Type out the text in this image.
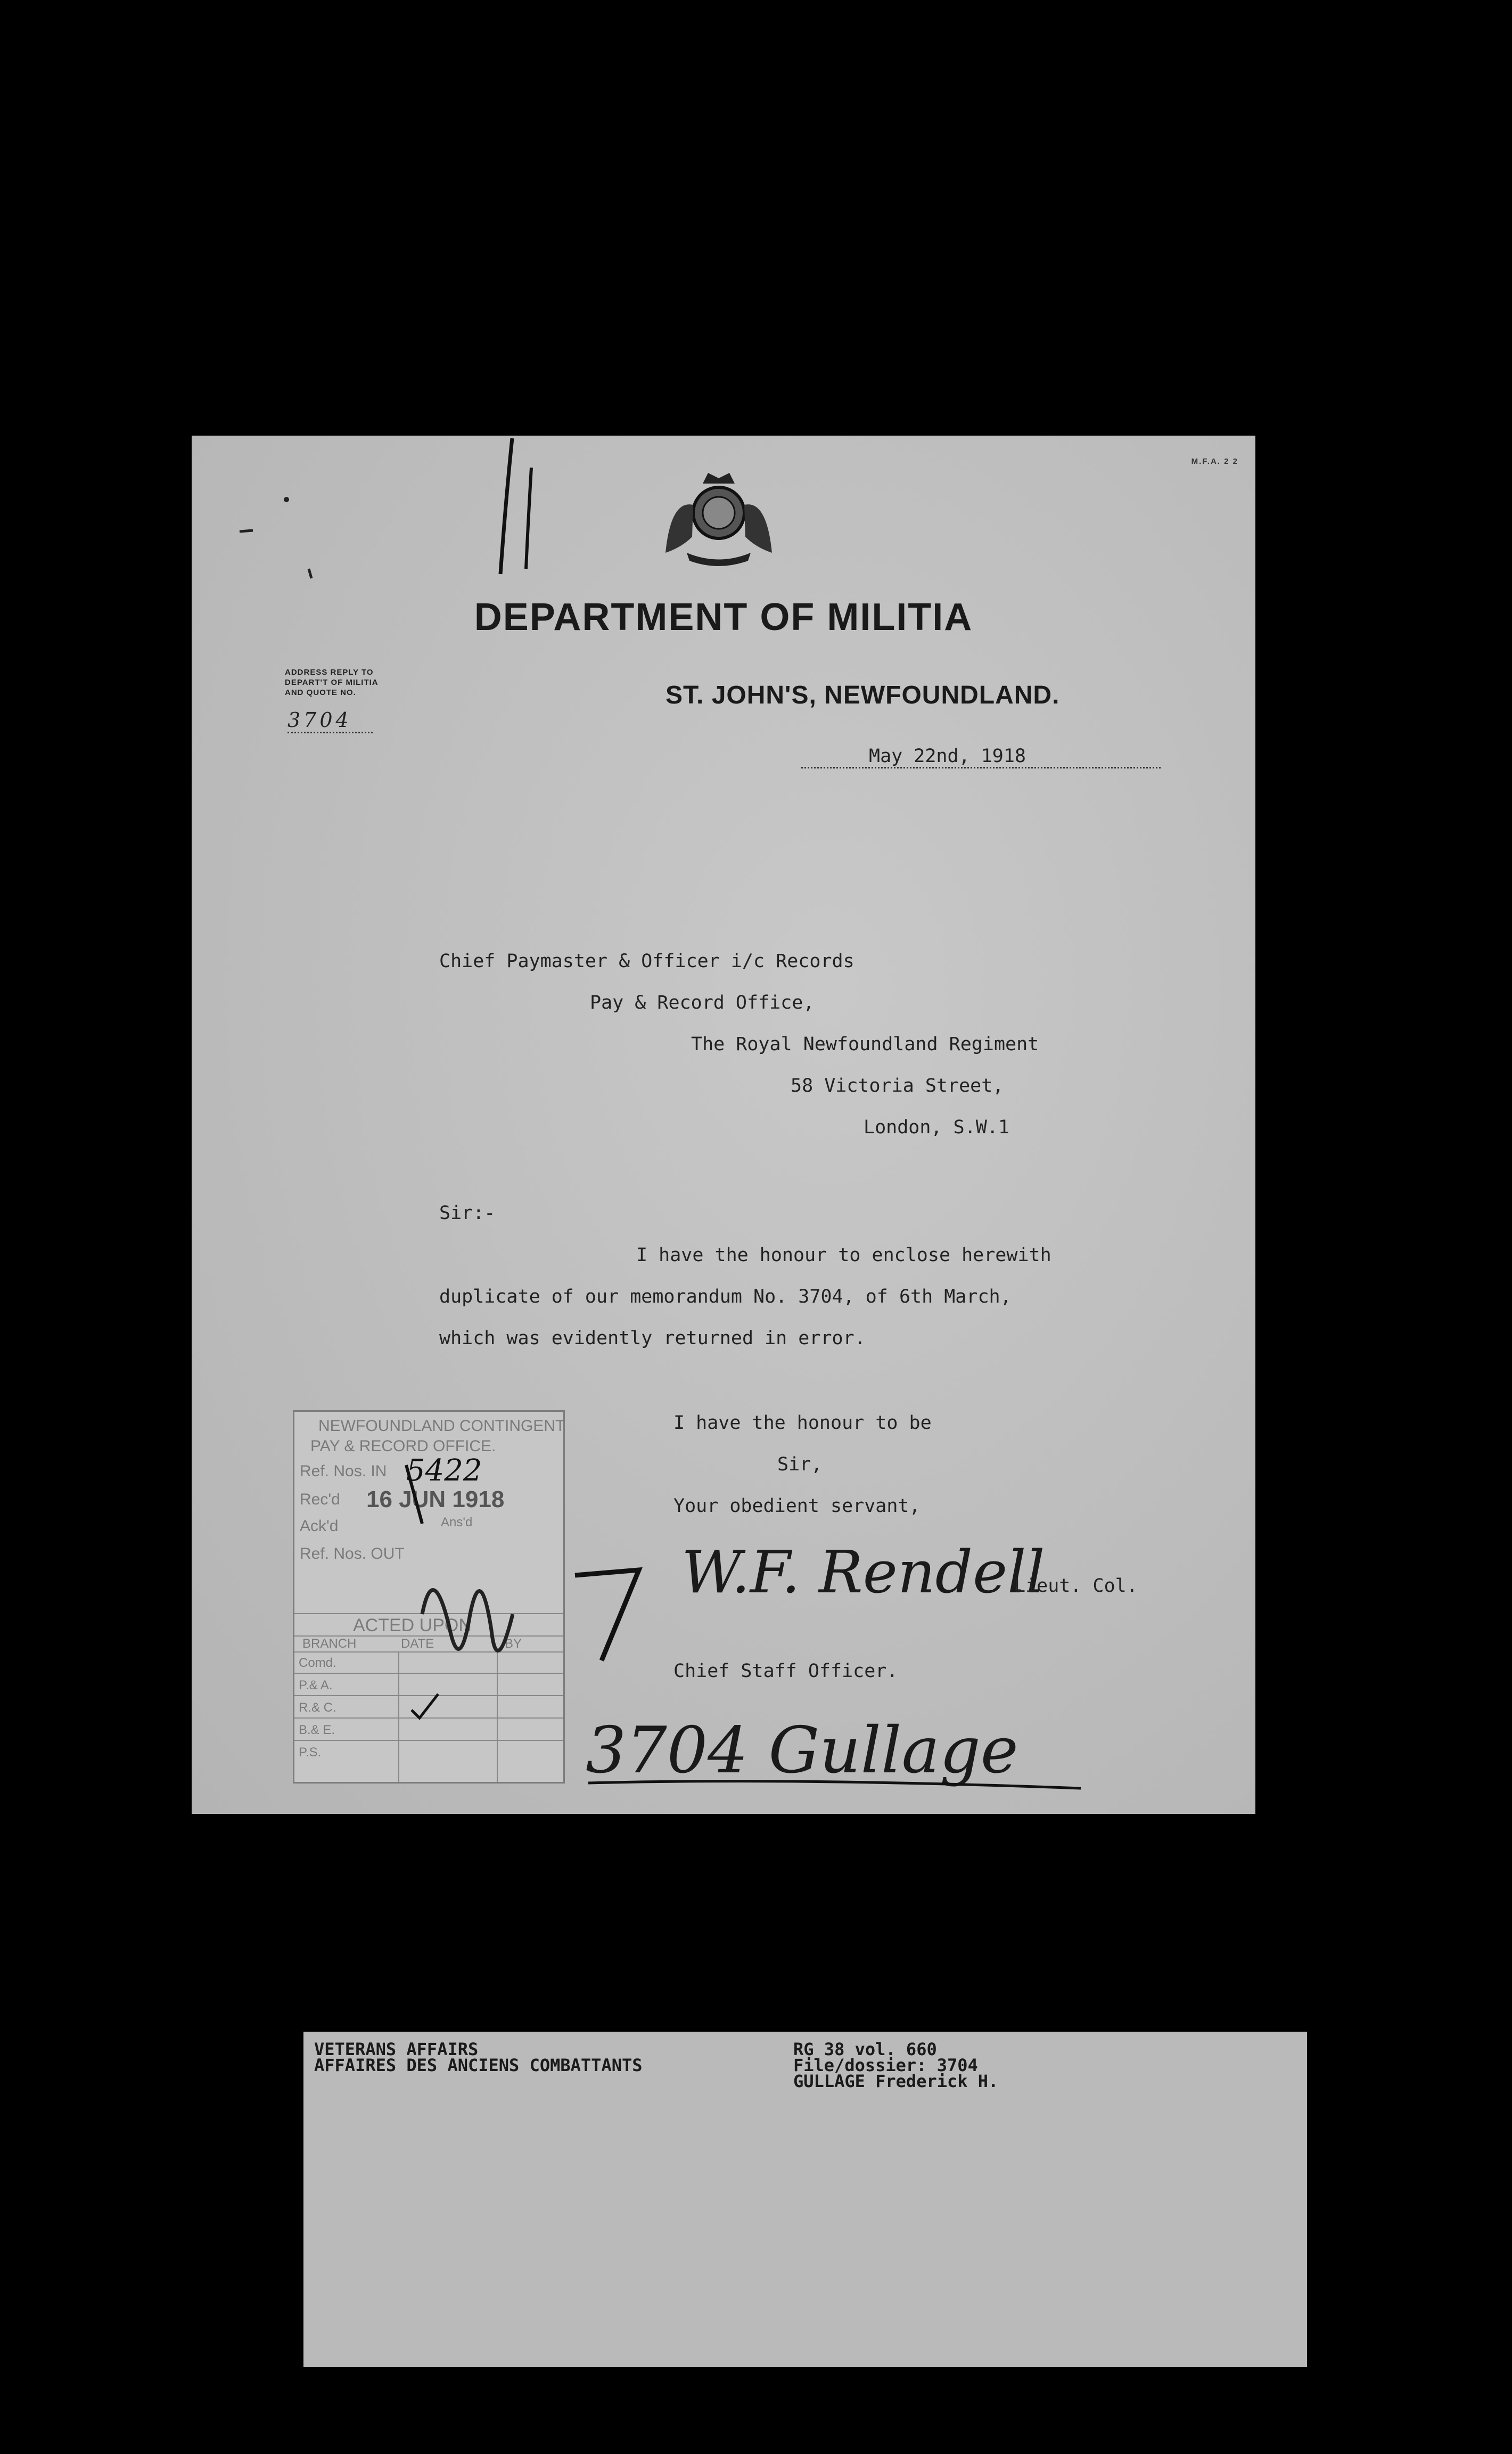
M.F.A. 2 2
DEPARTMENT OF MILITIA
ADDRESS REPLY TO
DEPART'T OF MILITIA
AND QUOTE NO.
3704
ST. JOHN'S, NEWFOUNDLAND.
May 22nd, 1918
Chief Paymaster & Officer i/c Records
Pay & Record Office,
The Royal Newfoundland Regiment
58 Victoria Street,
London, S.W.1
Sir:-
I have the honour to enclose herewith
duplicate of our memorandum No. 3704, of 6th March,
which was evidently returned in error.
I have the honour to be
Sir,
Your obedient servant,
W.F. Rendell
Lieut. Col.
Chief Staff Officer.
3704 Gullage
NEWFOUNDLAND CONTINGENT
PAY & RECORD OFFICE.
Ref. Nos. IN 5422
Rec'd 16 JUN 1918
Ack'd	Ans'd
Ref. Nos. OUT
ACTED UPON
BRANCH	DATE	BY
Comd.
P.& A.
R.& C.
B.& E.
P.S.
VETERANS AFFAIRS
AFFAIRES DES ANCIENS COMBATTANTS
RG 38 vol. 660
File/dossier: 3704
GULLAGE Frederick H.
